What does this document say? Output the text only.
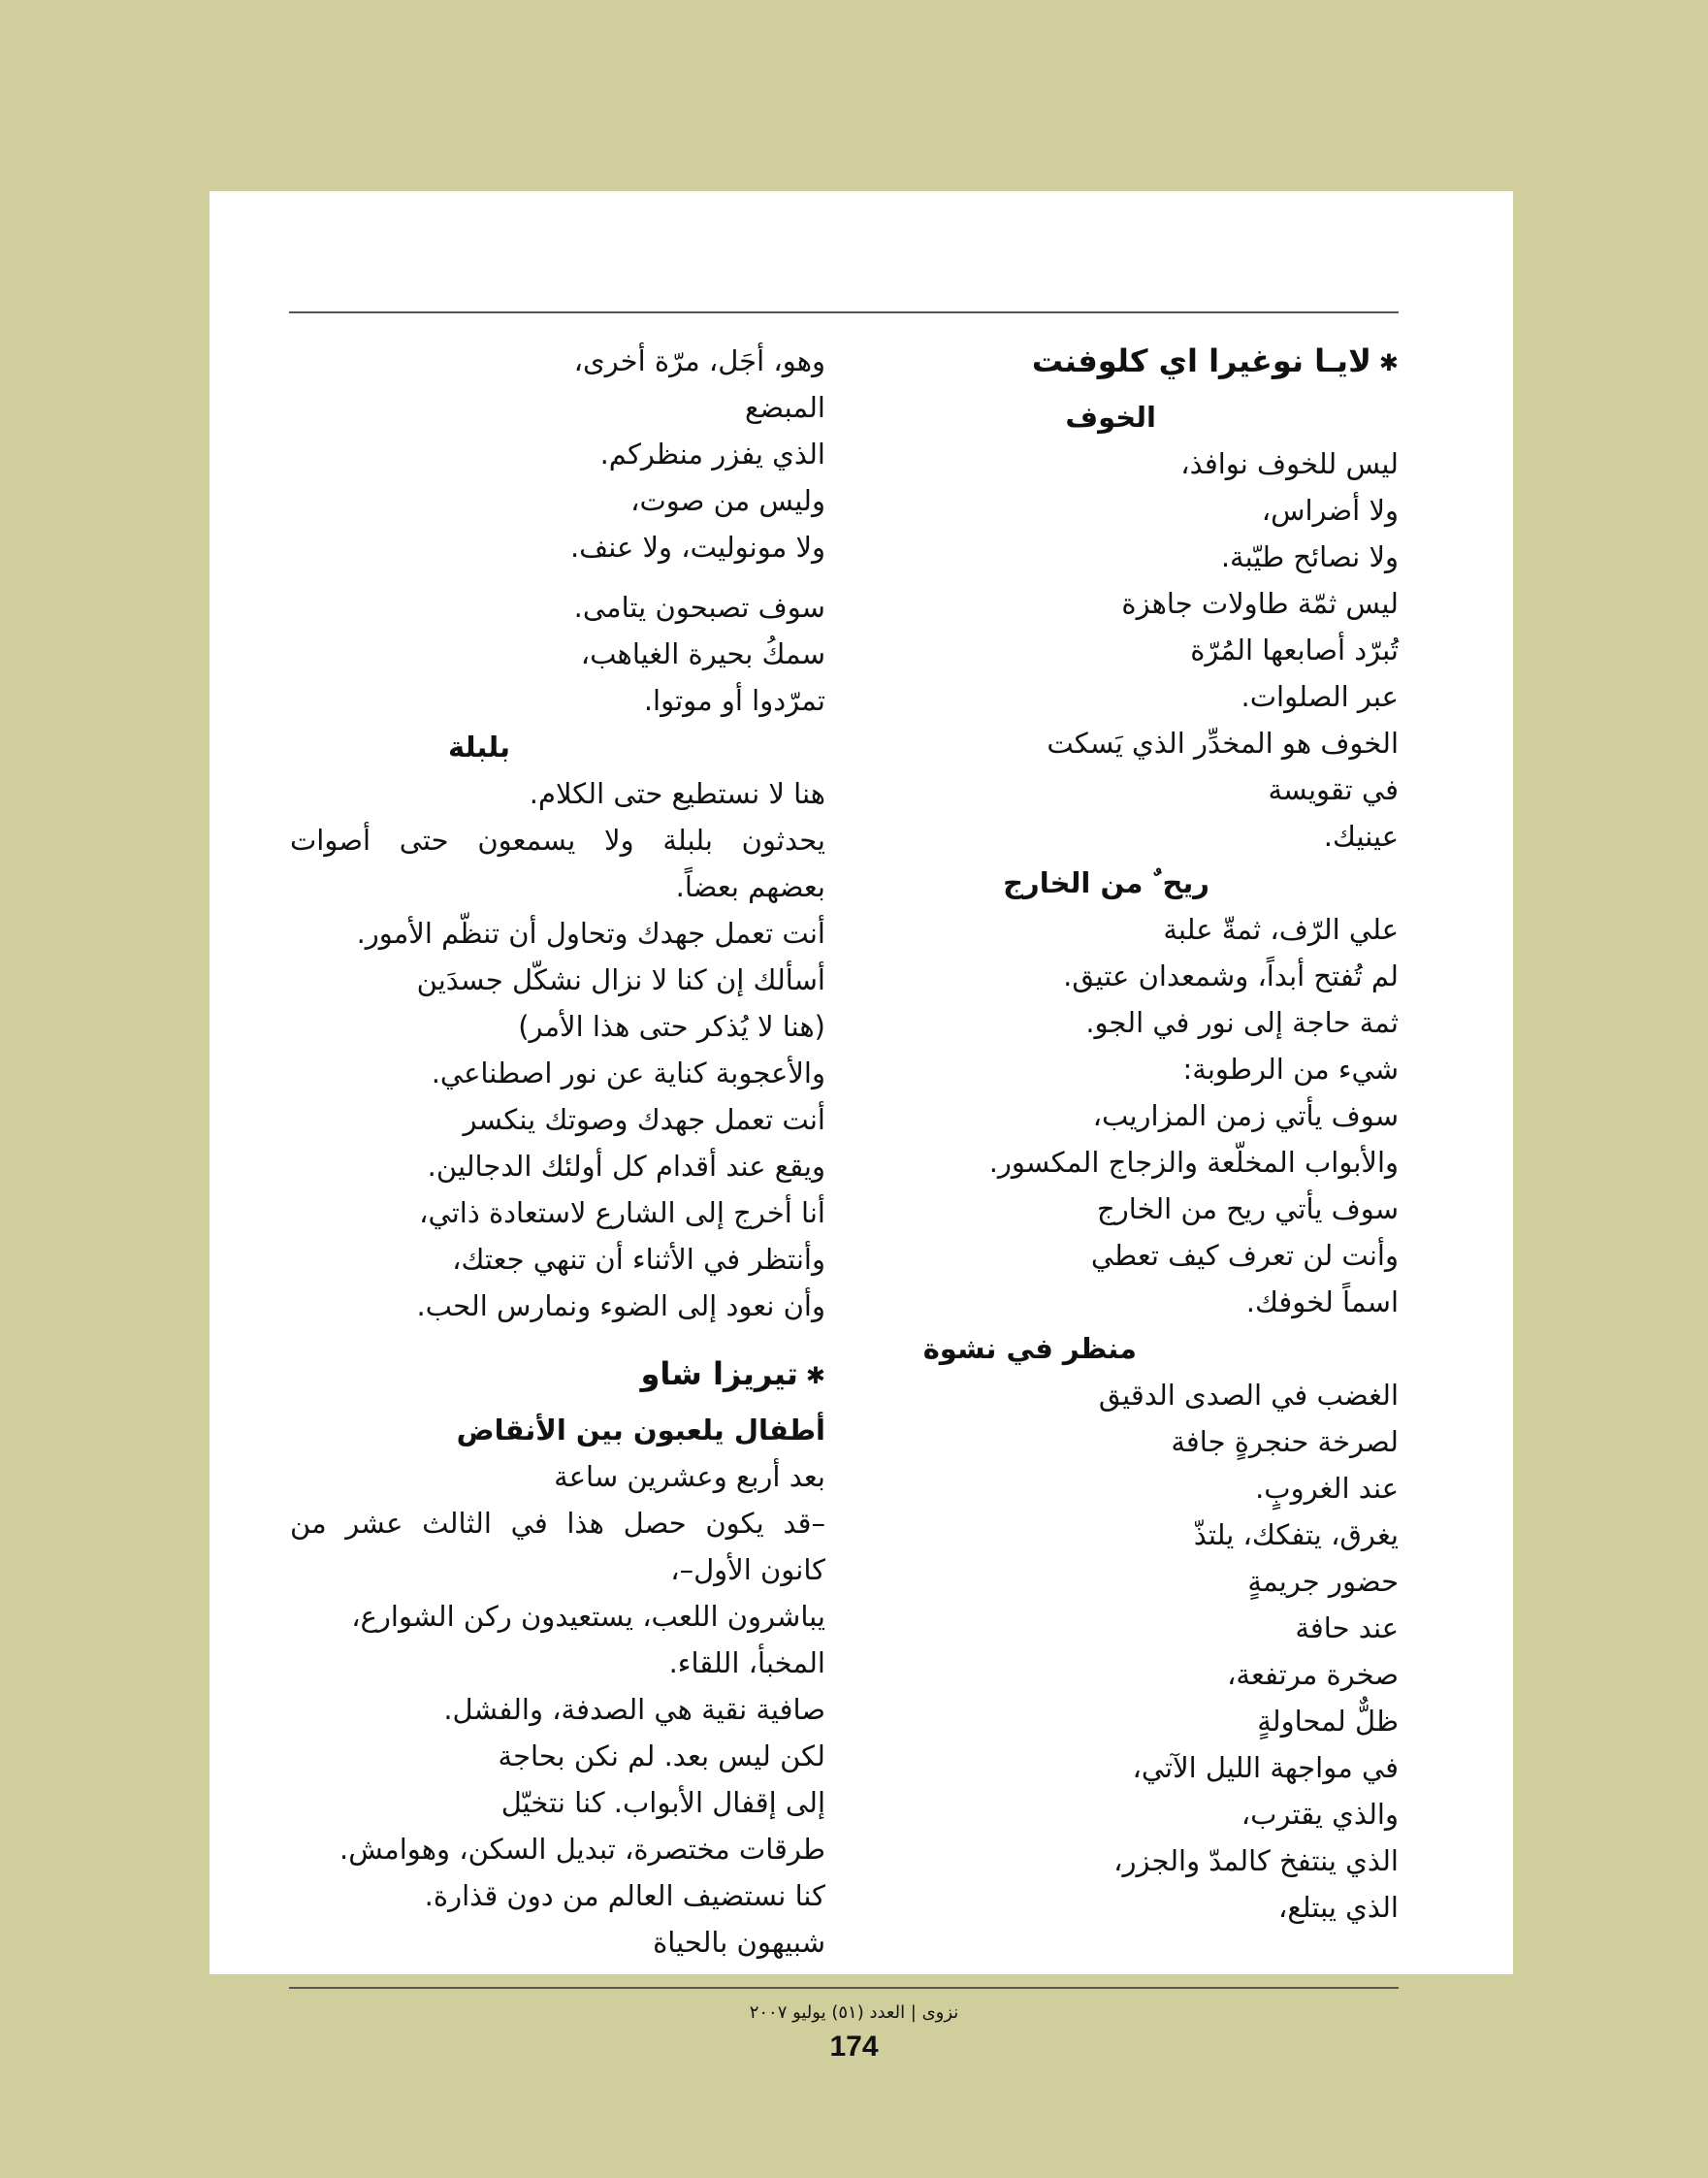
✱لايـا نوغيرا اي كلوفنت
الخوف
ليس للخوف نوافذ،
ولا أضراس،
ولا نصائح طيّبة.
ليس ثمّة طاولات جاهزة
تُبرّد أصابعها المُرّة
عبر الصلوات.
الخوف هو المخدِّر الذي يَسكت
في تقويسة
عينيك.
ريح ٌ من الخارج
علي الرّف، ثمةّ علبة
لم تُفتح أبداً، وشمعدان عتيق.
ثمة حاجة إلى نور في الجو.
شيء من الرطوبة:
سوف يأتي زمن المزاريب،
والأبواب المخلّعة والزجاج المكسور.
سوف يأتي ريح من الخارج
وأنت لن تعرف كيف تعطي
اسماً لخوفك.
منظر في نشوة
الغضب في الصدى الدقيق
لصرخة حنجرةٍ جافة
عند الغروبٍ.
يغرق، يتفكك، يلتذّ
حضور جريمةٍ
عند حافة
صخرة مرتفعة،
ظلٌّ لمحاولةٍ
في مواجهة الليل الآتي،
والذي يقترب،
الذي ينتفخ كالمدّ والجزر،
الذي يبتلع،
وهو، أجَل، مرّة أخرى،
المبضع
الذي يفزر منظركم.
وليس من صوت،
ولا مونوليت، ولا عنف.
سوف تصبحون يتامى.
سمكُ بحيرة الغياهب،
تمرّدوا أو موتوا.
بلبلة
هنا لا نستطيع حتى الكلام.
يحدثون بلبلة ولا يسمعون حتى أصوات
بعضهم بعضاً.
أنت تعمل جهدك وتحاول أن تنظّم الأمور.
أسألك إن كنا لا نزال نشكّل جسدَين
(هنا لا يُذكر حتى هذا الأمر)
والأعجوبة كناية عن نور اصطناعي.
أنت تعمل جهدك وصوتك ينكسر
ويقع عند أقدام كل أولئك الدجالين.
أنا أخرج إلى الشارع لاستعادة ذاتي،
وأنتظر في الأثناء أن تنهي جعتك،
وأن نعود إلى الضوء ونمارس الحب.
✱تيريزا شاو
أطفال يلعبون بين الأنقاض
بعد أربع وعشرين ساعة
–قد يكون حصل هذا في الثالث عشر من
كانون الأول–،
يباشرون اللعب، يستعيدون ركن الشوارع،
المخبأ، اللقاء.
صافية نقية هي الصدفة، والفشل.
لكن ليس بعد. لم نكن بحاجة
إلى إقفال الأبواب. كنا نتخيّل
طرقات مختصرة، تبديل السكن، وهوامش.
كنا نستضيف العالم من دون قذارة.
شبيهون بالحياة
نزوى | العدد (٥١) يوليو ٢٠٠٧
174
